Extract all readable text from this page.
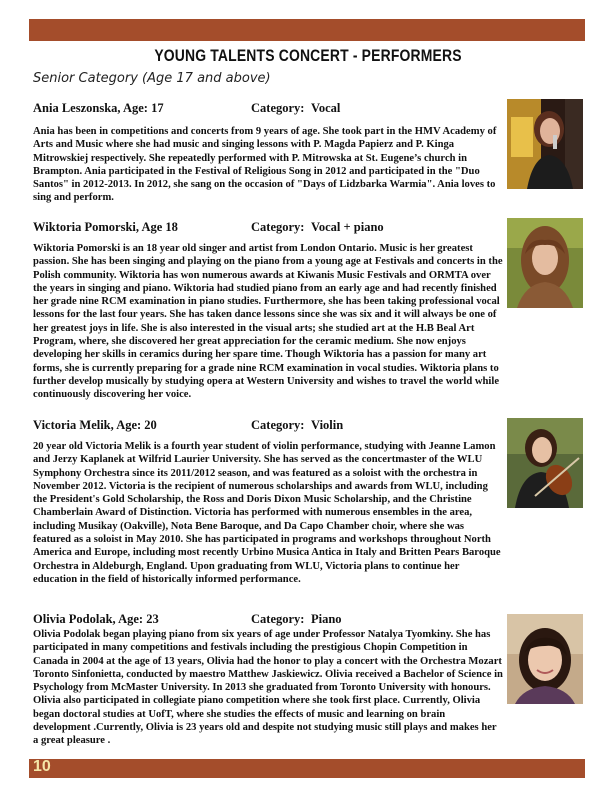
YOUNG TALENTS CONCERT - PERFORMERS
Senior Category (Age 17 and above)
Ania Leszonska, Age: 17	Category: Vocal
Ania has been in competitions and concerts from 9 years of age. She took part in the HMV Academy of Arts and Music where she had music and singing lessons with P. Magda Papierz and P. Kinga Mitrowskiej respectively. She repeatedly performed with P. Mitrowska at St. Eugene’s church in Brampton. Ania participated in the Festival of Religious Song in 2012 and participated in the "Duo Santos" in 2012-2013. In 2012, she sang on the occasion of "Days of Lidzbarka Warmia". Ania loves to sing and perform.
Wiktoria Pomorski, Age 18	Category: Vocal + piano
Wiktoria Pomorski is an 18 year old singer and artist from London Ontario. Music is her greatest passion. She has been singing and playing on the piano from a young age at Festivals and concerts in the Polish community. Wiktoria has won numerous awards at Kiwanis Music Festivals and ORMTA over the years in singing and piano. Wiktoria had studied piano from an early age and had recently finished her grade nine RCM examination in piano studies. Furthermore, she has been taking professional vocal lessons for the last four years. She has taken dance lessons since she was six and it will always be one of her greatest joys in life. She is also interested in the visual arts; she studied art at the H.B Beal Art Program, where, she discovered her great appreciation for the ceramic medium. She now enjoys developing her skills in ceramics during her spare time. Though Wiktoria has a passion for many art forms, she is currently preparing for a grade nine RCM examination in vocal studies. Wiktoria plans to further develop musically by studying opera at Western University and wishes to travel the world while continuously discovering her voice.
Victoria Melik, Age: 20	Category: Violin
20 year old Victoria Melik is a fourth year student of violin performance, studying with Jeanne Lamon and Jerzy Kaplanek at Wilfrid Laurier University. She has served as the concertmaster of the WLU Symphony Orchestra since its 2011/2012 season, and was featured as a soloist with the orchestra in November 2012. Victoria is the recipient of numerous scholarships and awards from WLU, including the President's Gold Scholarship, the Ross and Doris Dixon Music Scholarship, and the Christine Chamberlain Award of Distinction. Victoria has performed with numerous ensembles in the area, including Musikay (Oakville), Nota Bene Baroque, and Da Capo Chamber choir, where she was featured as a soloist in May 2010. She has participated in programs and workshops throughout North America and Europe, including most recently Urbino Musica Antica in Italy and Britten Pears Baroque Orchestra in Aldeburgh, England. Upon graduating from WLU, Victoria plans to continue her education in the field of historically informed performance.
Olivia Podolak, Age: 23	Category: Piano
Olivia Podolak began playing piano from six years of age under Professor Natalya Tyomkiny. She has participated in many competitions and festivals including the prestigious Chopin Competition in Canada in 2004 at the age of 13 years, Olivia had the honor to play a concert with the Orchestra Mozart Toronto Sinfonietta, conducted by maestro Matthew Jaskiewicz. Olivia received a Bachelor of Science in Psychology from McMaster University. In 2013 she graduated from Toronto University with honours. Olivia also participated in collegiate piano competition where she took first place. Currently, Olivia began doctoral studies at UofT, where she studies the effects of music and learning on brain development .Currently, Olivia is 23 years old and despite not studying music still plays and makes her a great pleasure .
10
